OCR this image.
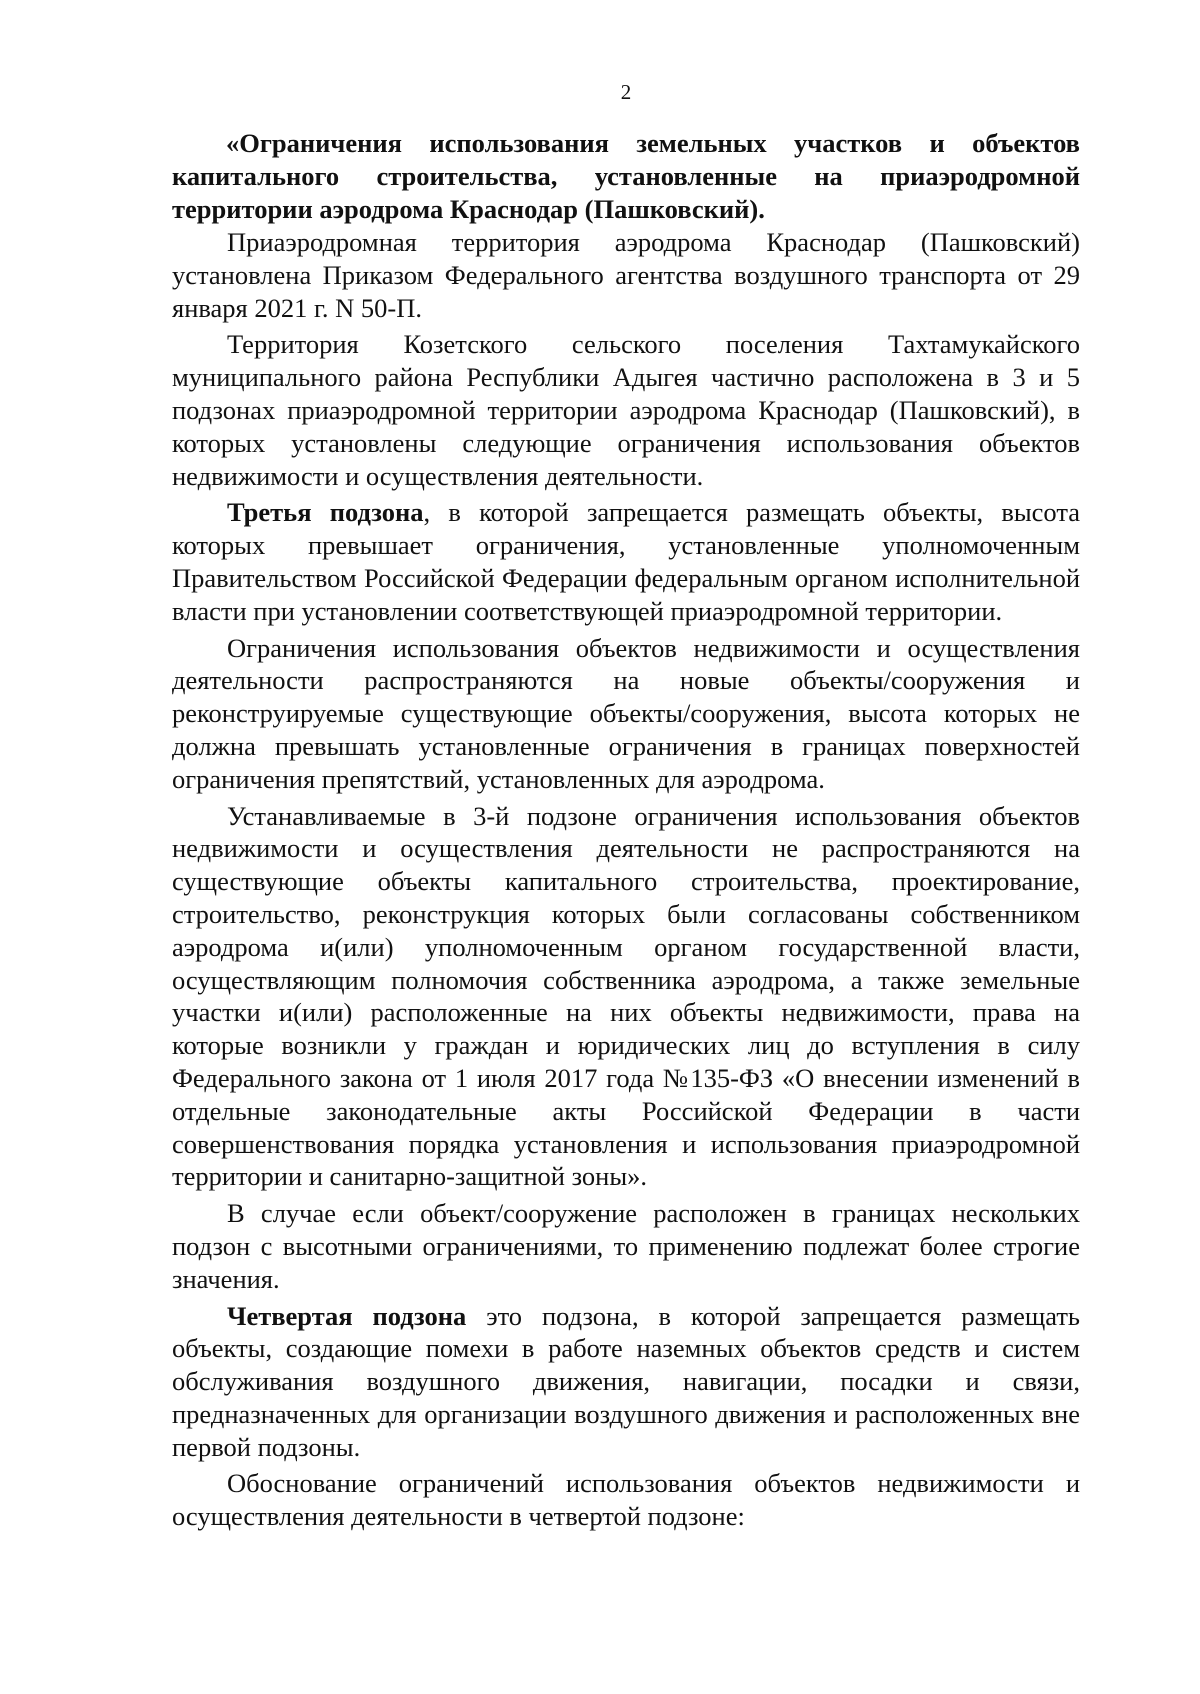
2

«Ограничения использования земельных участков и объектов капитального строительства, установленные на приаэродромной территории аэродрома Краснодар (Пашковский).

Приаэродромная территория аэродрома Краснодар (Пашковский) установлена Приказом Федерального агентства воздушного транспорта от 29 января 2021 г. N 50-П.

Территория Козетского сельского поселения Тахтамукайского муниципального района Республики Адыгея частично расположена в 3 и 5 подзонах приаэродромной территории аэродрома Краснодар (Пашковский), в которых установлены следующие ограничения использования объектов недвижимости и осуществления деятельности.

Третья подзона, в которой запрещается размещать объекты, высота которых превышает ограничения, установленные уполномоченным Правительством Российской Федерации федеральным органом исполнительной власти при установлении соответствующей приаэродромной территории.

Ограничения использования объектов недвижимости и осуществления деятельности распространяются на новые объекты/сооружения и реконструируемые существующие объекты/сооружения, высота которых не должна превышать установленные ограничения в границах поверхностей ограничения препятствий, установленных для аэродрома.

Устанавливаемые в 3-й подзоне ограничения использования объектов недвижимости и осуществления деятельности не распространяются на существующие объекты капитального строительства, проектирование, строительство, реконструкция которых были согласованы собственником аэродрома и(или) уполномоченным органом государственной власти, осуществляющим полномочия собственника аэродрома, а также земельные участки и(или) расположенные на них объекты недвижимости, права на которые возникли у граждан и юридических лиц до вступления в силу Федерального закона от 1 июля 2017 года №135-ФЗ «О внесении изменений в отдельные законодательные акты Российской Федерации в части совершенствования порядка установления и использования приаэродромной территории и санитарно-защитной зоны».

В случае если объект/сооружение расположен в границах нескольких подзон с высотными ограничениями, то применению подлежат более строгие значения.

Четвертая подзона это подзона, в которой запрещается размещать объекты, создающие помехи в работе наземных объектов средств и систем обслуживания воздушного движения, навигации, посадки и связи, предназначенных для организации воздушного движения и расположенных вне первой подзоны.

Обоснование ограничений использования объектов недвижимости и осуществления деятельности в четвертой подзоне:
